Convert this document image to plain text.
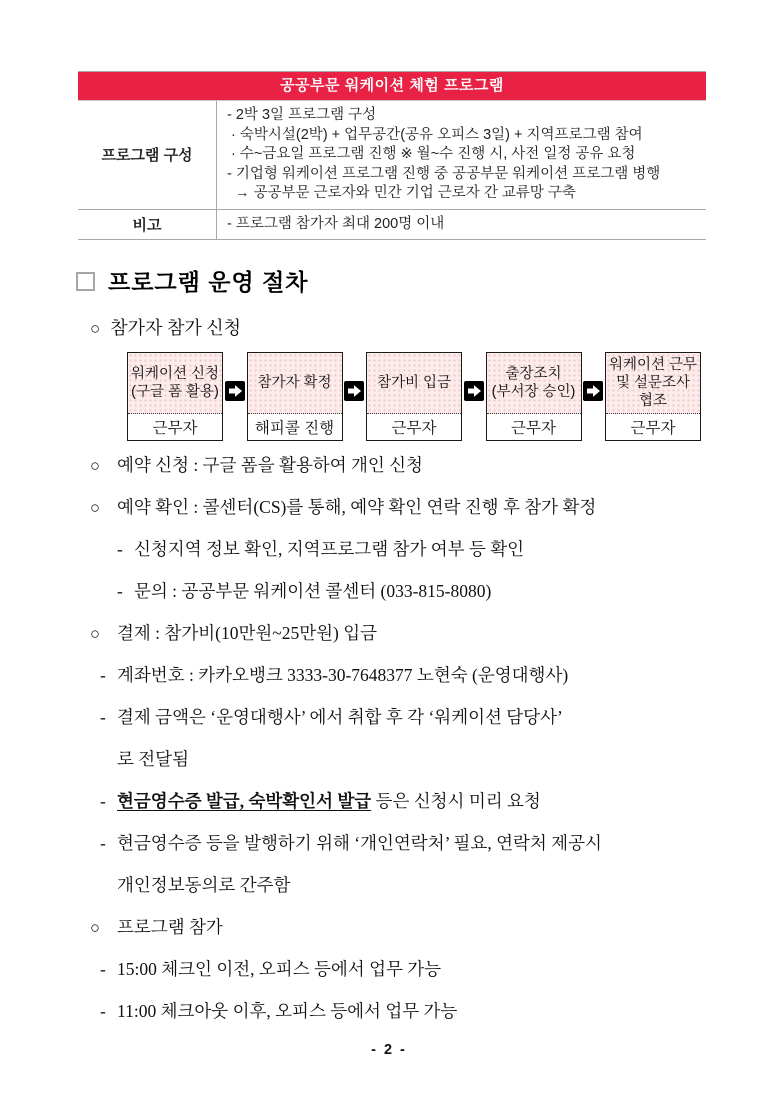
공공부문 워케이션 체험 프로그램
프로그램 구성
- 2박 3일 프로그램 구성
· 숙박시설(2박) + 업무공간(공유 오피스 3일) + 지역프로그램 참여
· 수~금요일 프로그램 진행 ※ 월~수 진행 시, 사전 일정 공유 요청
- 기업형 워케이션 프로그램 진행 중 공공부문 워케이션 프로그램 병행
→ 공공부문 근로자와 민간 기업 근로자 간 교류망 구축
비고	- 프로그램 참가자 최대 200명 이내
프로그램 운영 절차
○ 참가자 참가 신청
워케이션 신청
(구글 폼 활용)
근무자
참가자 확정
해피콜 진행
참가비 입금
근무자
출장조치
(부서장 승인)
근무자
워케이션 근무
및 설문조사
협조
근무자
○ 예약 신청 : 구글 폼을 활용하여 개인 신청
○ 예약 확인 : 콜센터(CS)를 통해, 예약 확인 연락 진행 후 참가 확정
- 신청지역 정보 확인, 지역프로그램 참가 여부 등 확인
- 문의 : 공공부문 워케이션 콜센터 (033-815-8080)
○ 결제 : 참가비(10만원~25만원) 입금
- 계좌번호 : 카카오뱅크 3333-30-7648377 노현숙 (운영대행사)
- 결제 금액은 ‘운영대행사’ 에서 취합 후 각 ‘워케이션 담당사’
로 전달됨
- 현금영수증 발급, 숙박확인서 발급 등은 신청시 미리 요청
- 현금영수증 등을 발행하기 위해 ‘개인연락처’ 필요, 연락처 제공시
개인정보동의로 간주함
○ 프로그램 참가
- 15:00 체크인 이전, 오피스 등에서 업무 가능
- 11:00 체크아웃 이후, 오피스 등에서 업무 가능
- 2 -
